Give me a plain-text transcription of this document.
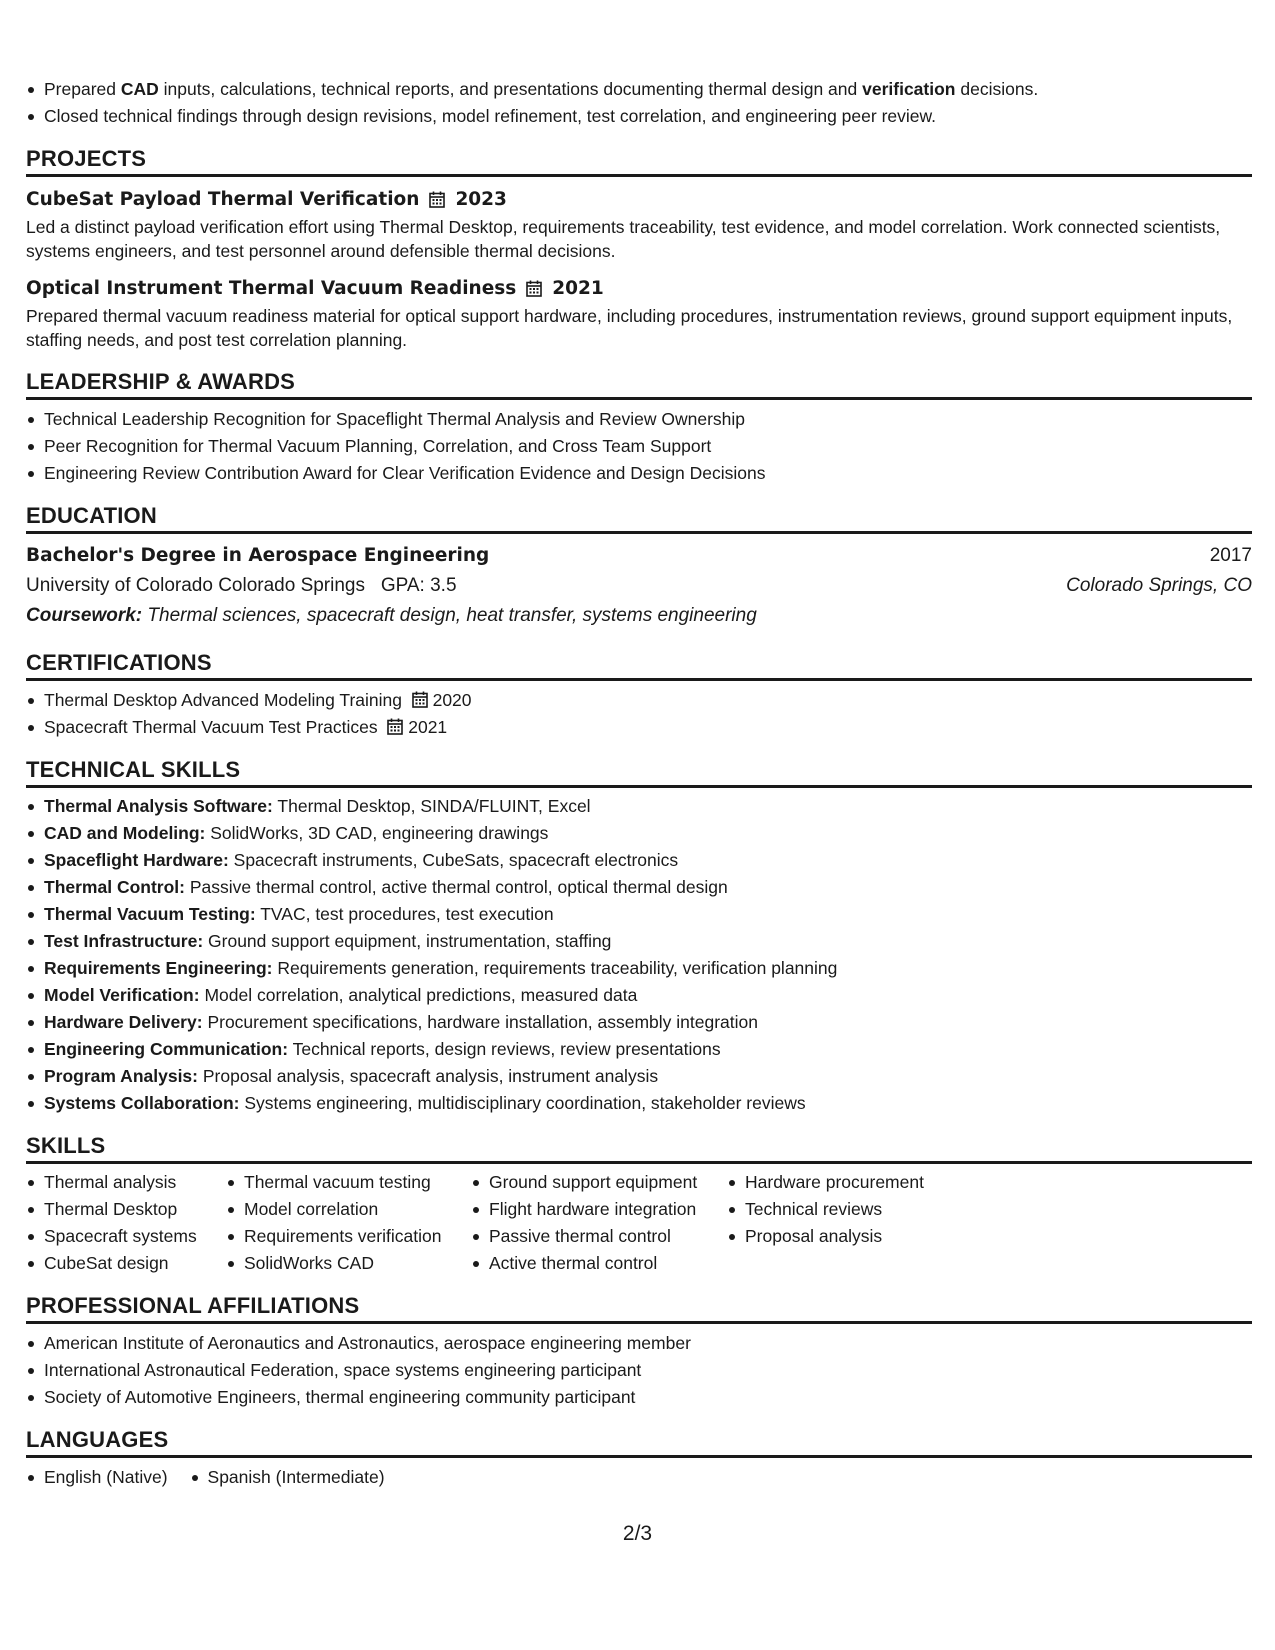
Prepared CAD inputs, calculations, technical reports, and presentations documenting thermal design and verification decisions.
Closed technical findings through design revisions, model refinement, test correlation, and engineering peer review.
PROJECTS
CubeSat Payload Thermal Verification 2023
Led a distinct payload verification effort using Thermal Desktop, requirements traceability, test evidence, and model correlation. Work connected scientists, systems engineers, and test personnel around defensible thermal decisions.
Optical Instrument Thermal Vacuum Readiness 2021
Prepared thermal vacuum readiness material for optical support hardware, including procedures, instrumentation reviews, ground support equipment inputs, staffing needs, and post test correlation planning.
LEADERSHIP & AWARDS
Technical Leadership Recognition for Spaceflight Thermal Analysis and Review Ownership
Peer Recognition for Thermal Vacuum Planning, Correlation, and Cross Team Support
Engineering Review Contribution Award for Clear Verification Evidence and Design Decisions
EDUCATION
Bachelor's Degree in Aerospace Engineering	2017
University of Colorado Colorado Springs GPA: 3.5	Colorado Springs, CO
Coursework: Thermal sciences, spacecraft design, heat transfer, systems engineering
CERTIFICATIONS
Thermal Desktop Advanced Modeling Training 2020
Spacecraft Thermal Vacuum Test Practices 2021
TECHNICAL SKILLS
Thermal Analysis Software: Thermal Desktop, SINDA/FLUINT, Excel
CAD and Modeling: SolidWorks, 3D CAD, engineering drawings
Spaceflight Hardware: Spacecraft instruments, CubeSats, spacecraft electronics
Thermal Control: Passive thermal control, active thermal control, optical thermal design
Thermal Vacuum Testing: TVAC, test procedures, test execution
Test Infrastructure: Ground support equipment, instrumentation, staffing
Requirements Engineering: Requirements generation, requirements traceability, verification planning
Model Verification: Model correlation, analytical predictions, measured data
Hardware Delivery: Procurement specifications, hardware installation, assembly integration
Engineering Communication: Technical reports, design reviews, review presentations
Program Analysis: Proposal analysis, spacecraft analysis, instrument analysis
Systems Collaboration: Systems engineering, multidisciplinary coordination, stakeholder reviews
SKILLS
Thermal analysis
Thermal Desktop
Spacecraft systems
CubeSat design
Thermal vacuum testing
Model correlation
Requirements verification
SolidWorks CAD
Ground support equipment
Flight hardware integration
Passive thermal control
Active thermal control
Hardware procurement
Technical reviews
Proposal analysis
PROFESSIONAL AFFILIATIONS
American Institute of Aeronautics and Astronautics, aerospace engineering member
International Astronautical Federation, space systems engineering participant
Society of Automotive Engineers, thermal engineering community participant
LANGUAGES
English (Native)	Spanish (Intermediate)
2/3
